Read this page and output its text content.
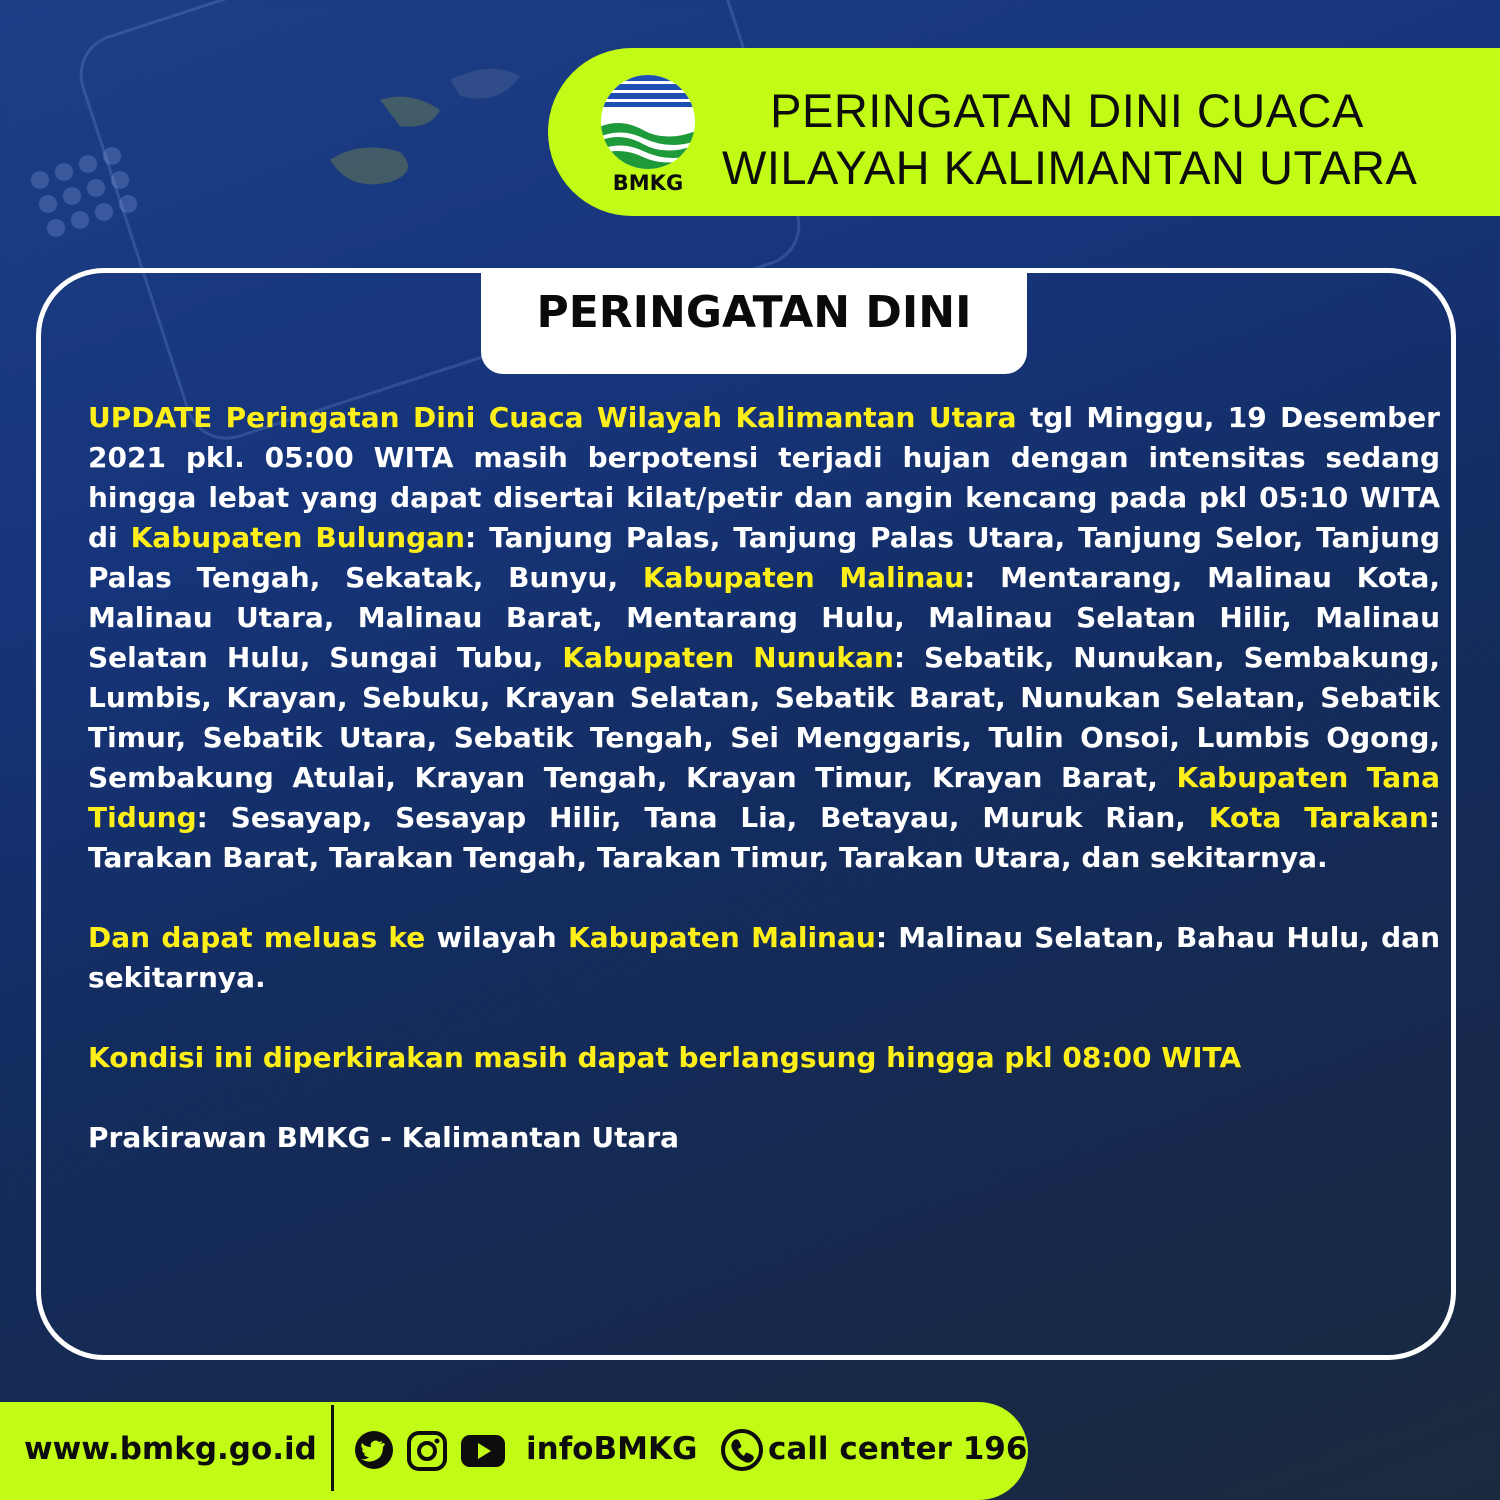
BMKG
PERINGATAN DINI CUACA
WILAYAH KALIMANTAN UTARA
PERINGATAN DINI

UPDATE Peringatan Dini Cuaca Wilayah Kalimantan Utara tgl Minggu, 19 Desember 2021 pkl. 05:00 WITA masih berpotensi terjadi hujan dengan intensitas sedang hingga lebat yang dapat disertai kilat/petir dan angin kencang pada pkl 05:10 WITA di Kabupaten Bulungan: Tanjung Palas, Tanjung Palas Utara, Tanjung Selor, Tanjung Palas Tengah, Sekatak, Bunyu, Kabupaten Malinau: Mentarang, Malinau Kota, Malinau Utara, Malinau Barat, Mentarang Hulu, Malinau Selatan Hilir, Malinau Selatan Hulu, Sungai Tubu, Kabupaten Nunukan: Sebatik, Nunukan, Sembakung, Lumbis, Krayan, Sebuku, Krayan Selatan, Sebatik Barat, Nunukan Selatan, Sebatik Timur, Sebatik Utara, Sebatik Tengah, Sei Menggaris, Tulin Onsoi, Lumbis Ogong, Sembakung Atulai, Krayan Tengah, Krayan Timur, Krayan Barat, Kabupaten Tana Tidung: Sesayap, Sesayap Hilir, Tana Lia, Betayau, Muruk Rian, Kota Tarakan: Tarakan Barat, Tarakan Tengah, Tarakan Timur, Tarakan Utara, dan sekitarnya.

Dan dapat meluas ke wilayah Kabupaten Malinau: Malinau Selatan, Bahau Hulu, dan sekitarnya.

Kondisi ini diperkirakan masih dapat berlangsung hingga pkl 08:00 WITA

Prakirawan BMKG - Kalimantan Utara

www.bmkg.go.id	infoBMKG call center 196
